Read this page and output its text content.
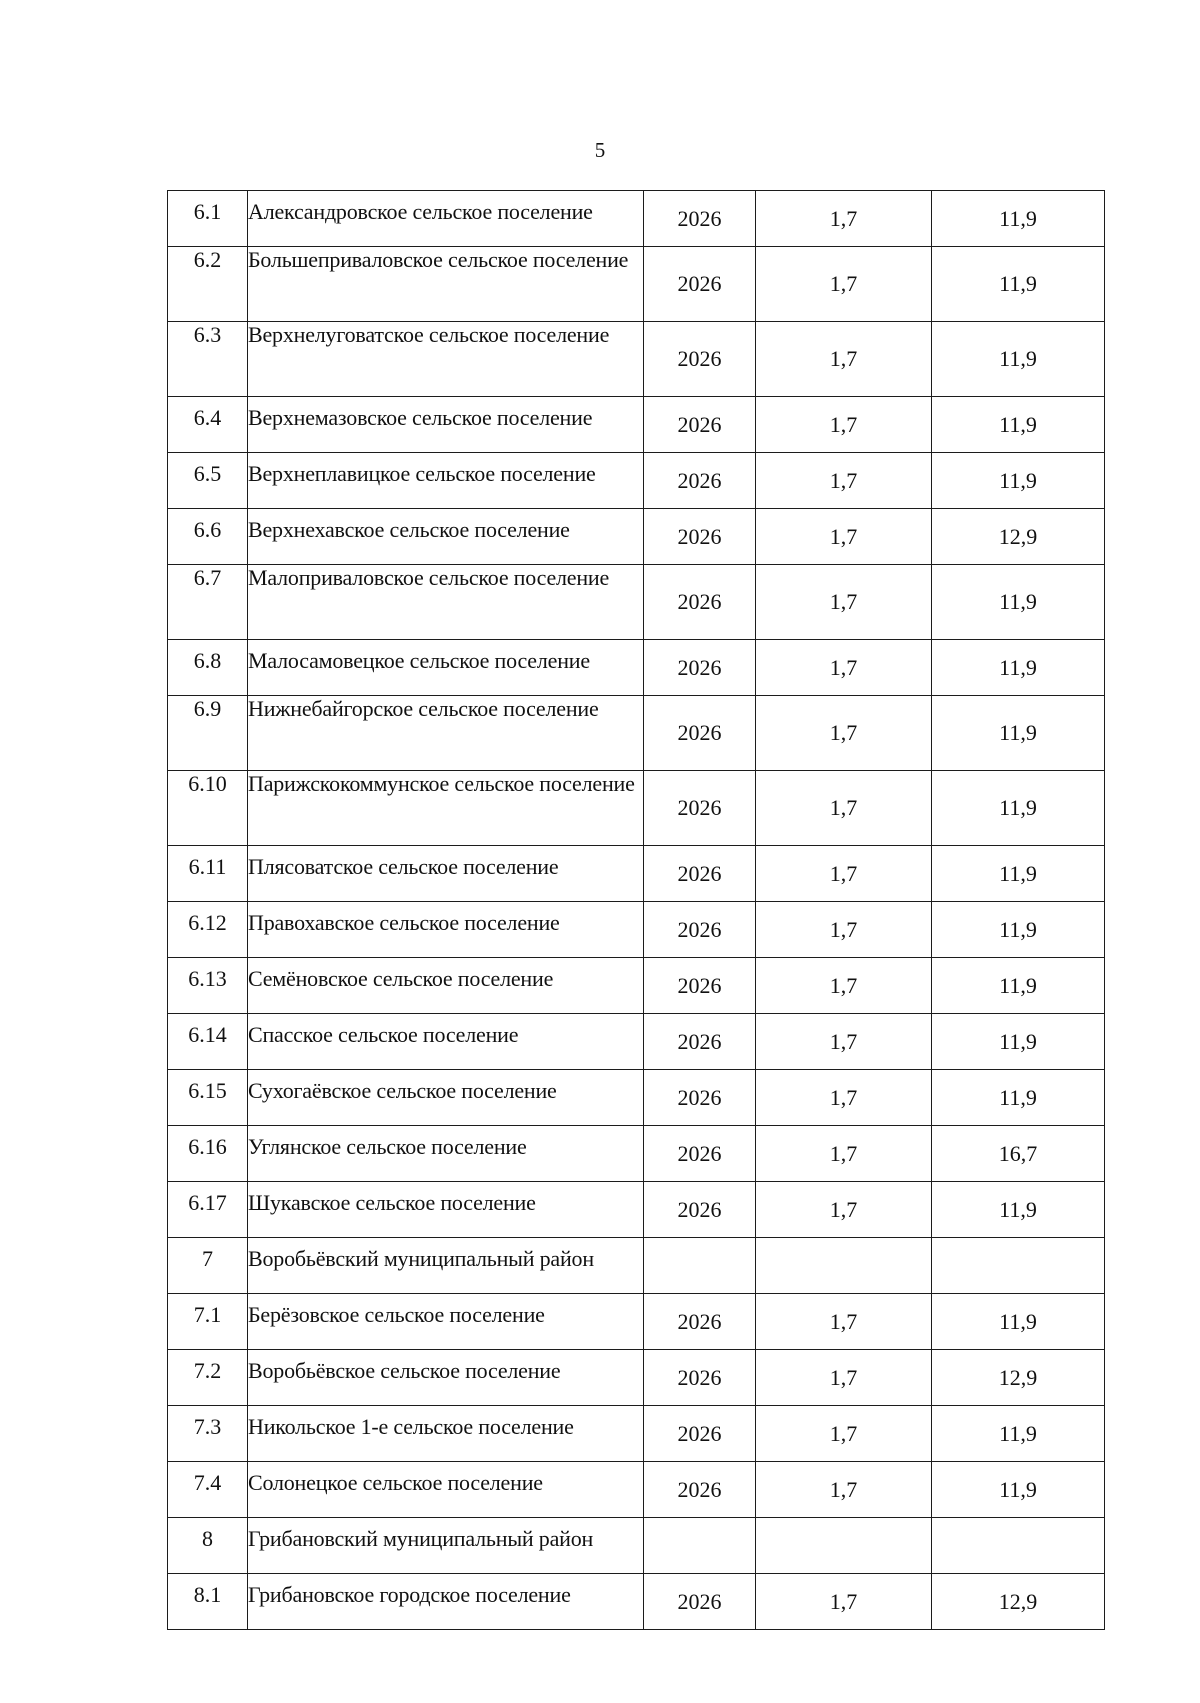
5
6.1	Александровское сельское поселение	2026	1,7	11,9
6.2	Большеприваловское сельское поселение	2026	1,7	11,9
6.3	Верхнелуговатское сельское поселение	2026	1,7	11,9
6.4	Верхнемазовское сельское поселение	2026	1,7	11,9
6.5	Верхнеплавицкое сельское поселение	2026	1,7	11,9
6.6	Верхнехавское сельское поселение	2026	1,7	12,9
6.7	Малоприваловское сельское поселение	2026	1,7	11,9
6.8	Малосамовецкое сельское поселение	2026	1,7	11,9
6.9	Нижнебайгорское сельское поселение	2026	1,7	11,9
6.10	Парижскокоммунское сельское поселение	2026	1,7	11,9
6.11	Плясоватское сельское поселение	2026	1,7	11,9
6.12	Правохавское сельское поселение	2026	1,7	11,9
6.13	Семёновское сельское поселение	2026	1,7	11,9
6.14	Спасское сельское поселение	2026	1,7	11,9
6.15	Сухогаёвское сельское поселение	2026	1,7	11,9
6.16	Углянское сельское поселение	2026	1,7	16,7
6.17	Шукавское сельское поселение	2026	1,7	11,9
7	Воробьёвский муниципальный район			
7.1	Берёзовское сельское поселение	2026	1,7	11,9
7.2	Воробьёвское сельское поселение	2026	1,7	12,9
7.3	Никольское 1-е сельское поселение	2026	1,7	11,9
7.4	Солонецкое сельское поселение	2026	1,7	11,9
8	Грибановский муниципальный район			
8.1	Грибановское городское поселение	2026	1,7	12,9
